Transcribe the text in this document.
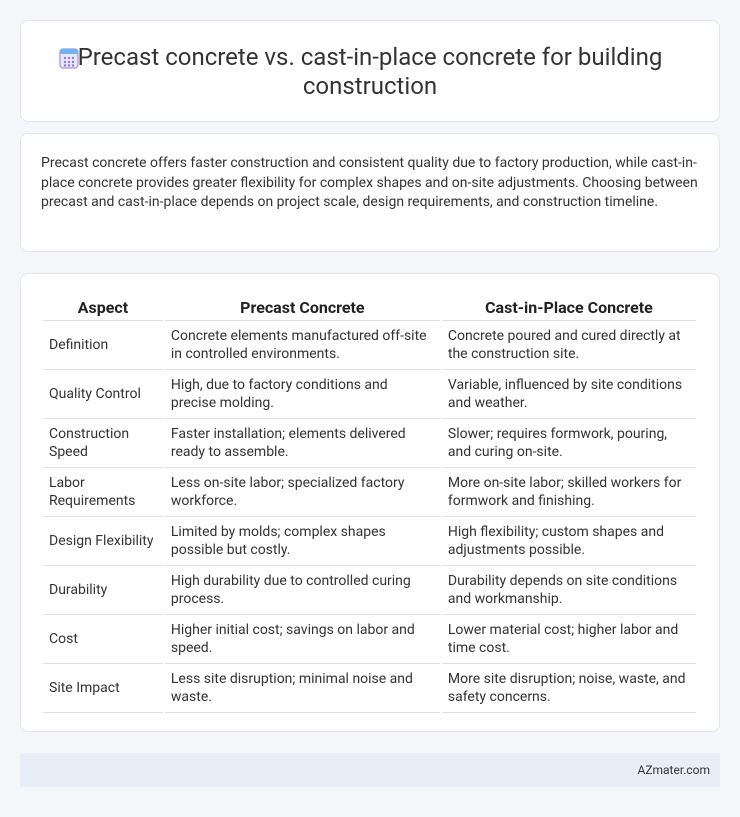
Precast concrete vs. cast-in-place concrete for building construction

Precast concrete offers faster construction and consistent quality due to factory production, while cast-in-place concrete provides greater flexibility for complex shapes and on-site adjustments. Choosing between precast and cast-in-place depends on project scale, design requirements, and construction timeline.

Aspect	Precast Concrete	Cast-in-Place Concrete
Definition	Concrete elements manufactured off-site in controlled environments.	Concrete poured and cured directly at the construction site.
Quality Control	High, due to factory conditions and precise molding.	Variable, influenced by site conditions and weather.
Construction Speed	Faster installation; elements delivered ready to assemble.	Slower; requires formwork, pouring, and curing on-site.
Labor Requirements	Less on-site labor; specialized factory workforce.	More on-site labor; skilled workers for formwork and finishing.
Design Flexibility	Limited by molds; complex shapes possible but costly.	High flexibility; custom shapes and adjustments possible.
Durability	High durability due to controlled curing process.	Durability depends on site conditions and workmanship.
Cost	Higher initial cost; savings on labor and speed.	Lower material cost; higher labor and time cost.
Site Impact	Less site disruption; minimal noise and waste.	More site disruption; noise, waste, and safety concerns.
AZmater.com
